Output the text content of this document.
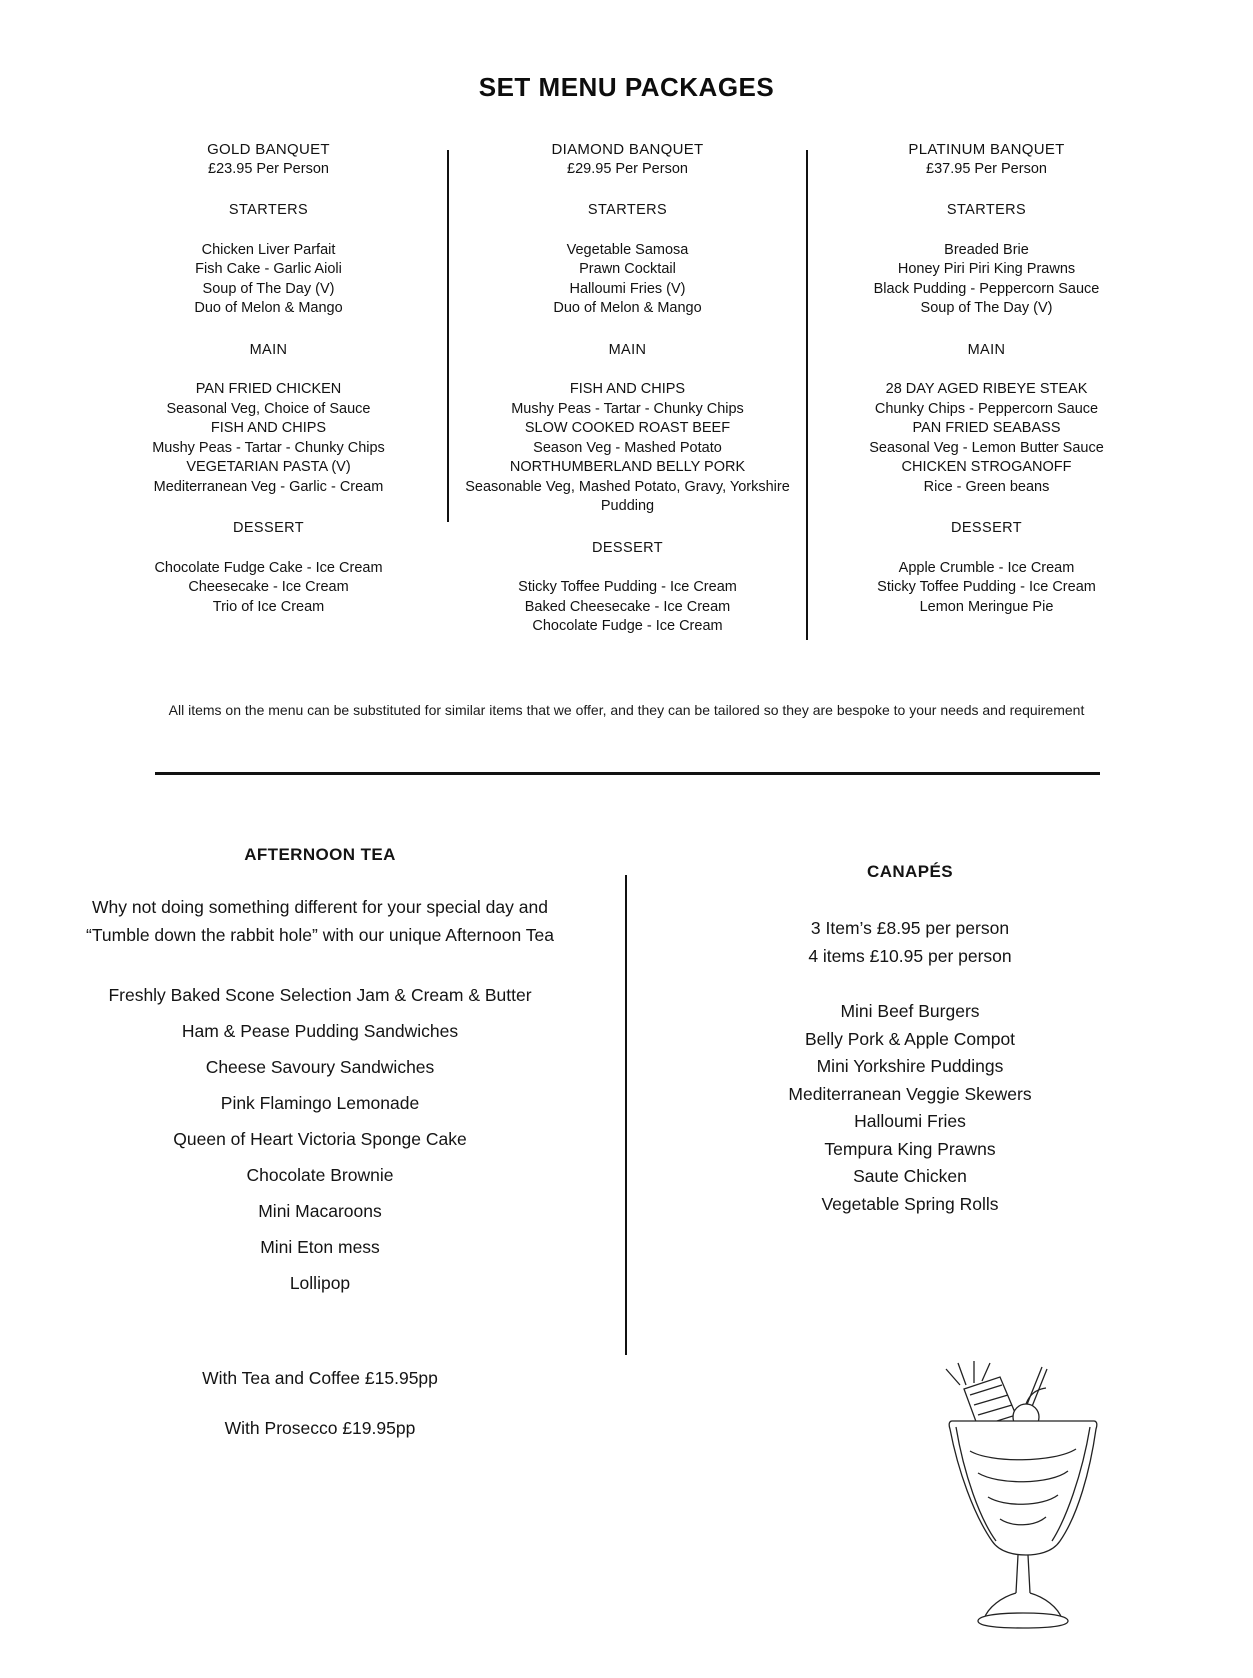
SET MENU PACKAGES
GOLD BANQUET
£23.95 Per Person
STARTERS
Chicken Liver Parfait
Fish Cake - Garlic Aioli
Soup of The Day (V)
Duo of Melon & Mango
MAIN
PAN FRIED CHICKEN
Seasonal Veg, Choice of Sauce
FISH AND CHIPS
Mushy Peas - Tartar - Chunky Chips
VEGETARIAN PASTA (V)
Mediterranean Veg - Garlic - Cream
DESSERT
Chocolate Fudge Cake - Ice Cream
Cheesecake - Ice Cream
Trio of Ice Cream
DIAMOND BANQUET
£29.95 Per Person
STARTERS
Vegetable Samosa
Prawn Cocktail
Halloumi Fries (V)
Duo of Melon & Mango
MAIN
FISH AND CHIPS
Mushy Peas - Tartar - Chunky Chips
SLOW COOKED ROAST BEEF
Season Veg - Mashed Potato
NORTHUMBERLAND BELLY PORK
Seasonable Veg, Mashed Potato, Gravy, Yorkshire Pudding
DESSERT
Sticky Toffee Pudding - Ice Cream
Baked Cheesecake - Ice Cream
Chocolate Fudge - Ice Cream
PLATINUM BANQUET
£37.95 Per Person
STARTERS
Breaded Brie
Honey Piri Piri King Prawns
Black Pudding - Peppercorn Sauce
Soup of The Day (V)
MAIN
28 DAY AGED RIBEYE STEAK
Chunky Chips - Peppercorn Sauce
PAN FRIED SEABASS
Seasonal Veg - Lemon Butter Sauce
CHICKEN STROGANOFF
Rice - Green beans
DESSERT
Apple Crumble - Ice Cream
Sticky Toffee Pudding - Ice Cream
Lemon Meringue Pie
All items on the menu can be substituted for similar items that we offer, and they can be tailored so they are bespoke to your needs and requirement
AFTERNOON TEA
Why not doing something different for your special day and “Tumble down the rabbit hole” with our unique Afternoon Tea
Freshly Baked Scone Selection Jam & Cream & Butter
Ham & Pease Pudding Sandwiches
Cheese Savoury Sandwiches
Pink Flamingo Lemonade
Queen of Heart Victoria Sponge Cake
Chocolate Brownie
Mini Macaroons
Mini Eton mess
Lollipop
With Tea and Coffee £15.95pp
With Prosecco £19.95pp
CANAPÉS
3 Item’s £8.95 per person
4 items £10.95 per person
Mini Beef Burgers
Belly Pork & Apple Compot
Mini Yorkshire Puddings
Mediterranean Veggie Skewers
Halloumi Fries
Tempura King Prawns
Saute Chicken
Vegetable Spring Rolls
